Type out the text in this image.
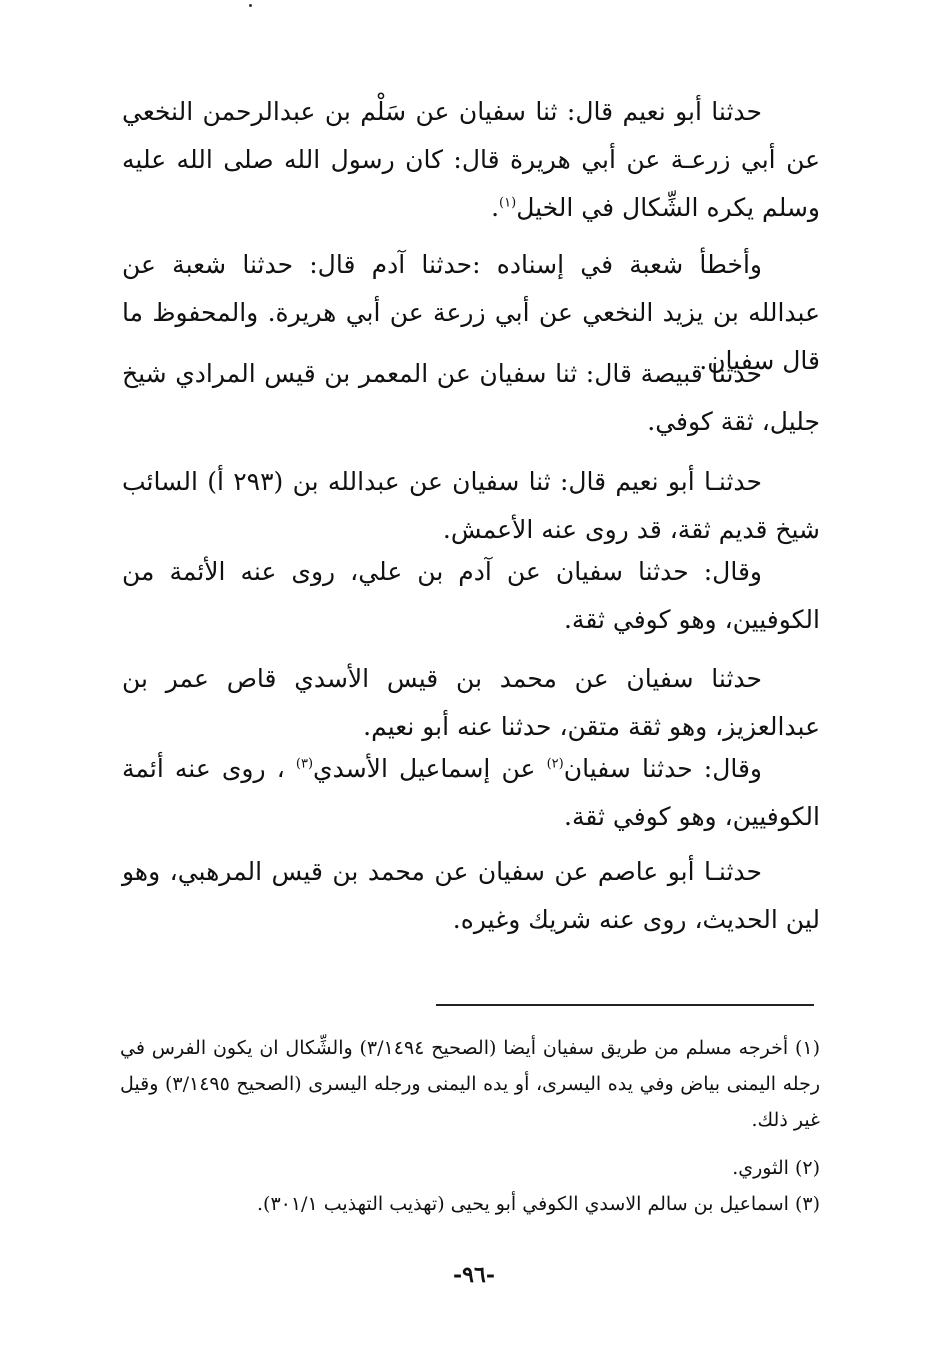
حدثنا أبو نعيم قال: ثنا سفيان عن سَلْم بن عبدالرحمن النخعي عن أبي زرعـة عن أبي هريرة قال: كان رسول الله صلى الله عليه وسلم يكره الشِّكال في الخيل$^{(١)}$.

وأخطأ شعبة في إسناده :حدثنا آدم قال: حدثنا شعبة عن عبدالله بن يزيد النخعي عن أبي زرعة عن أبي هريرة. والمحفوظ ما قال سفيان.

حدثنا قبيصة قال: ثنا سفيان عن المعمر بن قيس المرادي شيخ جليل، ثقة كوفي.

حدثنـا أبو نعيم قال: ثنا سفيان عن عبدالله بن (٢٩٣ أ) السائب شيخ قديم ثقة، قد روى عنه الأعمش.

وقال: حدثنا سفيان عن آدم بن علي، روى عنه الأئمة من الكوفيين، وهو كوفي ثقة.

حدثنا سفيان عن محمد بن قيس الأسدي قاص عمر بن عبدالعزيز، وهو ثقة متقن، حدثنا عنه أبو نعيم.

وقال: حدثنا سفيان$^{(٢)}$ عن إسماعيل الأسدي$^{(٣)}$ ، روى عنه أئمة الكوفيين، وهو كوفي ثقة.

حدثنـا أبو عاصم عن سفيان عن محمد بن قيس المرهبي، وهو لين الحديث، روى عنه شريك وغيره.

(١) أخرجه مسلم من طريق سفيان أيضا (الصحيح ٣/١٤٩٤) والشِّكال ان يكون الفرس في رجله اليمنى بياض وفي يده اليسرى، أو يده اليمنى ورجله اليسرى (الصحيح ٣/١٤٩٥) وقيل غير ذلك.

(٢) الثوري.

(٣) اسماعيل بن سالم الاسدي الكوفي أبو يحيى (تهذيب التهذيب ٣٠١/١).

-٩٦-
